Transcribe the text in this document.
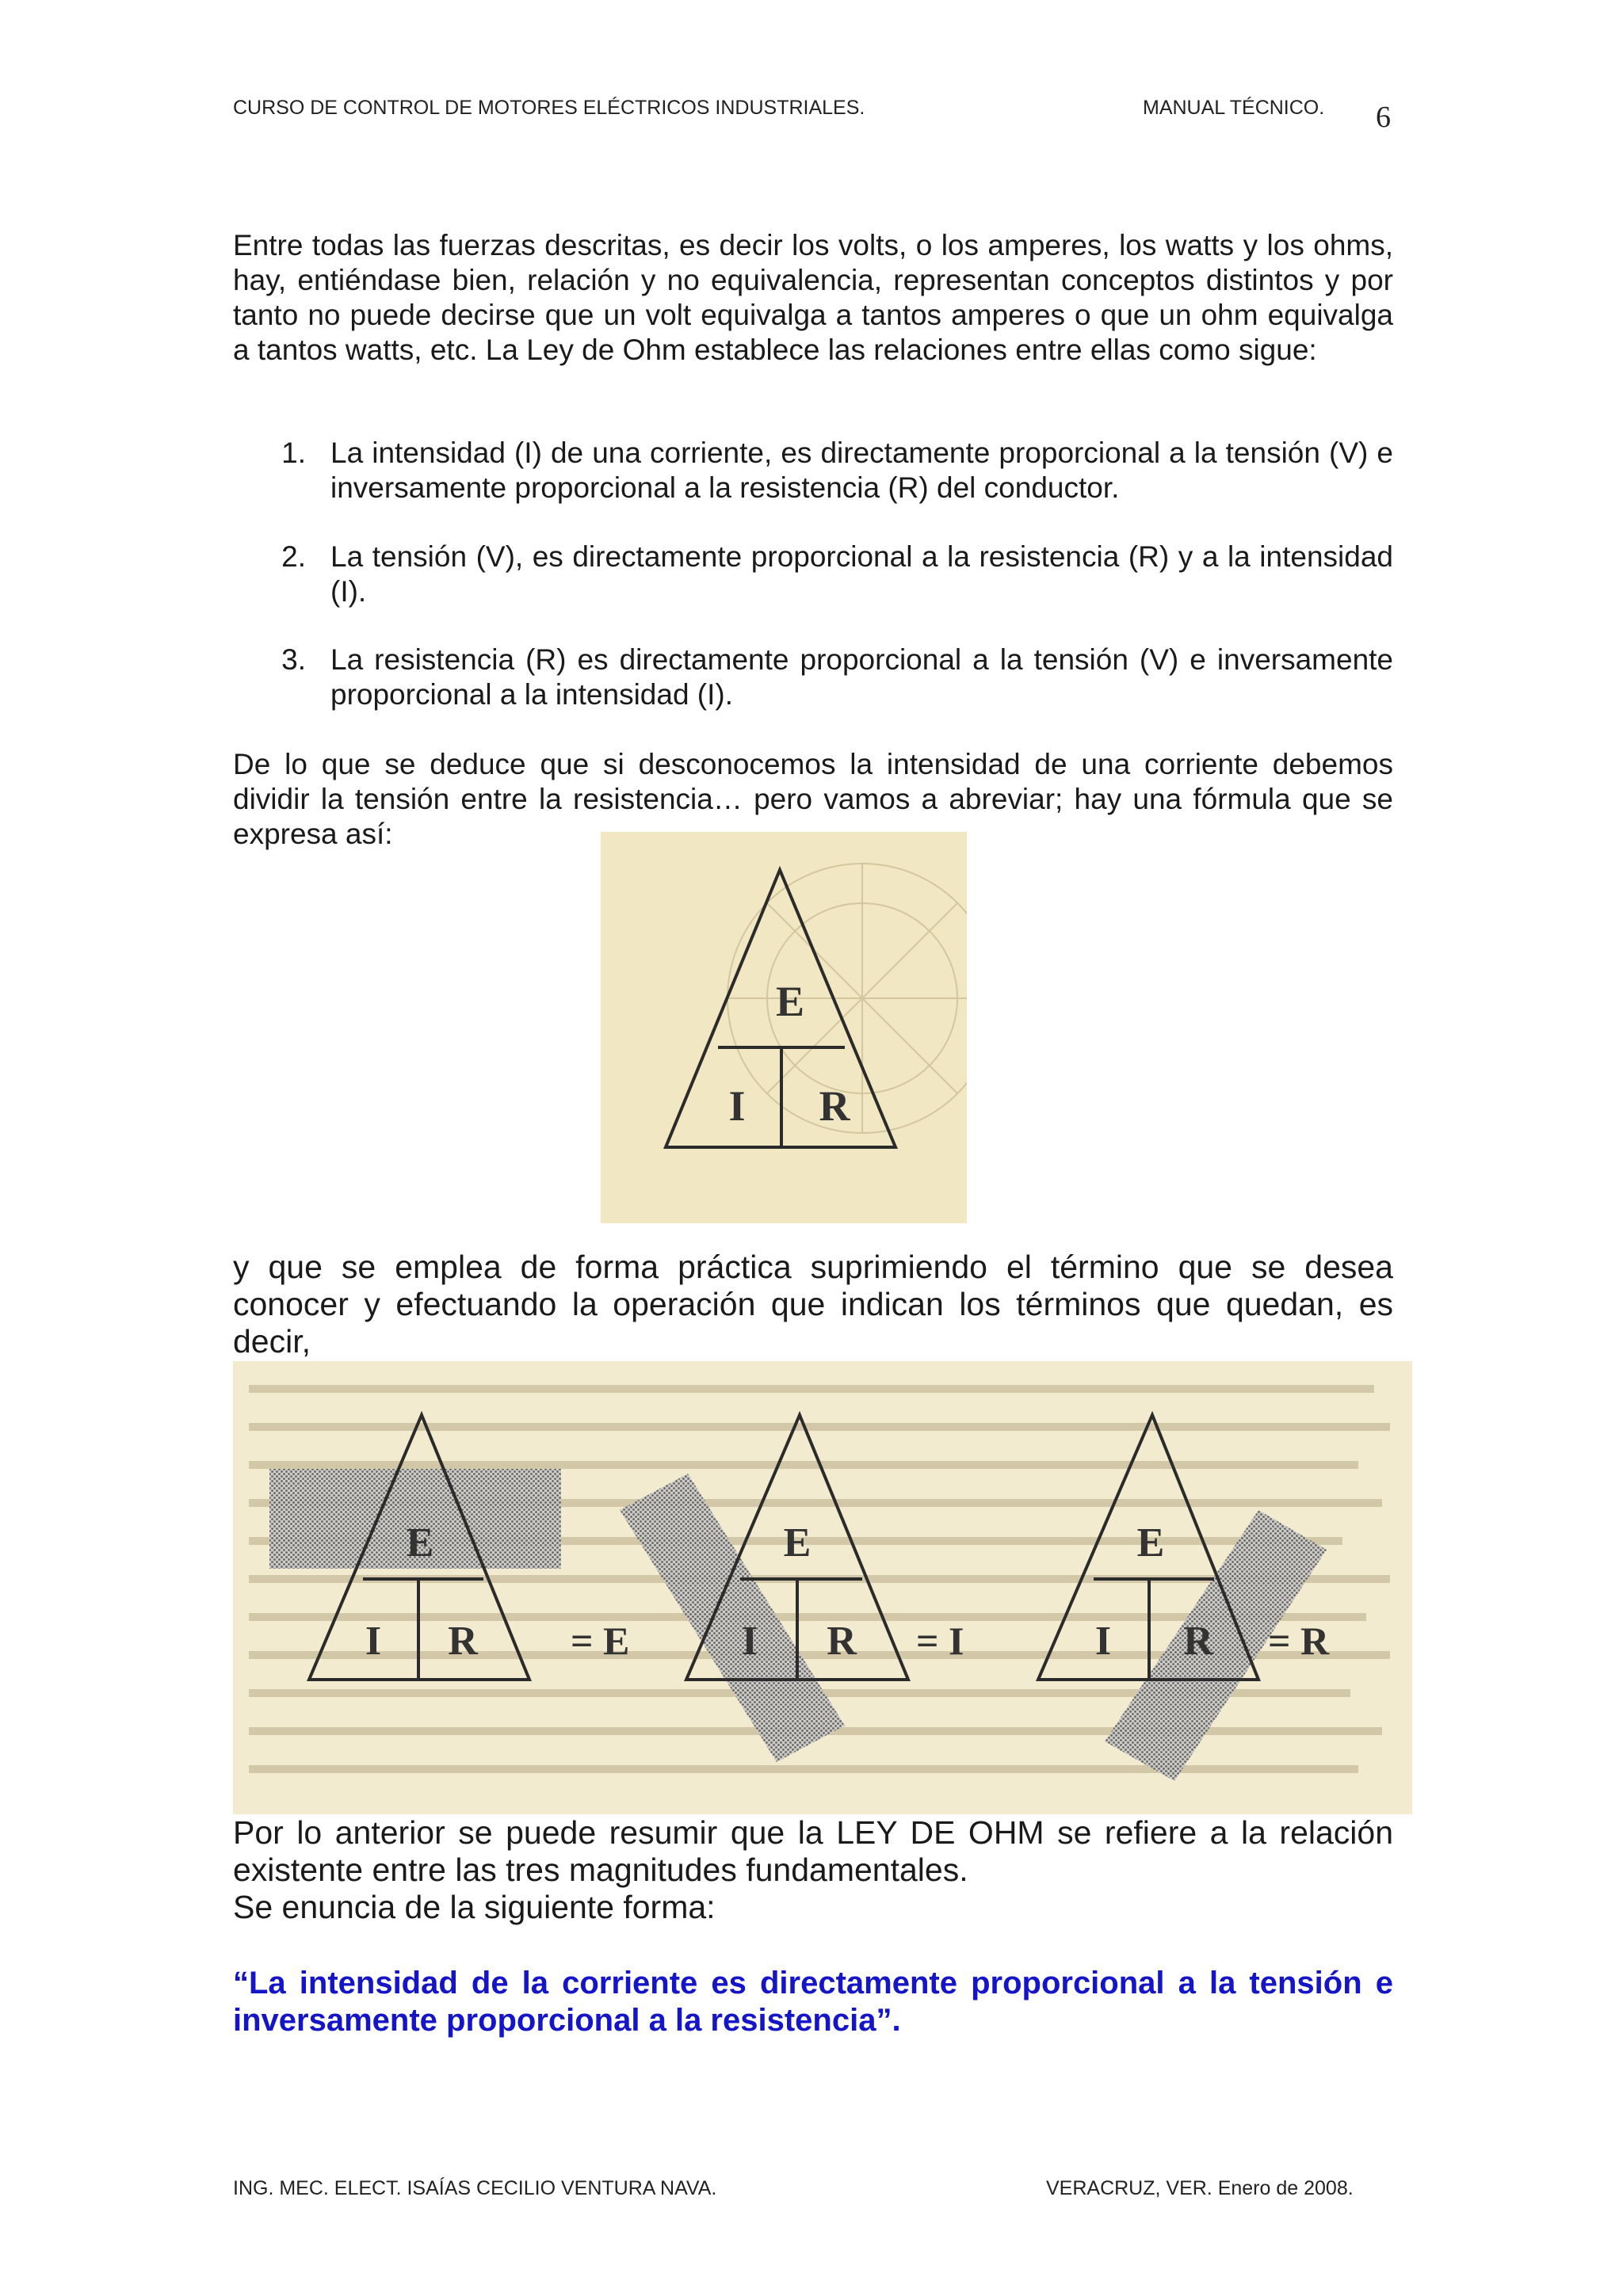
CURSO DE CONTROL DE MOTORES ELÉCTRICOS INDUSTRIALES.	MANUAL TÉCNICO. 6

Entre todas las fuerzas descritas, es decir los volts, o los amperes, los watts y los ohms, hay, entiéndase bien, relación y no equivalencia, representan conceptos distintos y por tanto no puede decirse que un volt equivalga a tantos amperes o que un ohm equivalga a tantos watts, etc. La Ley de Ohm establece las relaciones entre ellas como sigue:

1. La intensidad (I) de una corriente, es directamente proporcional a la tensión (V) e inversamente proporcional a la resistencia (R) del conductor.

2. La tensión (V), es directamente proporcional a la resistencia (R) y a la intensidad (I).

3. La resistencia (R) es directamente proporcional a la tensión (V) e inversamente proporcional a la intensidad (I).

De lo que se deduce que si desconocemos la intensidad de una corriente debemos dividir la tensión entre la resistencia… pero vamos a abreviar; hay una fórmula que se expresa así:

E
I R

y que se emplea de forma práctica suprimiendo el término que se desea conocer y efectuando la operación que indican los términos que quedan, es decir,

E
I R = E
E
I R = I
E
I R = R

Por lo anterior se puede resumir que la LEY DE OHM se refiere a la relación existente entre las tres magnitudes fundamentales.

Se enuncia de la siguiente forma:

“La intensidad de la corriente es directamente proporcional a la tensión e inversamente proporcional a la resistencia”.

ING. MEC. ELECT. ISAÍAS CECILIO VENTURA NAVA.	VERACRUZ, VER. Enero de 2008.
